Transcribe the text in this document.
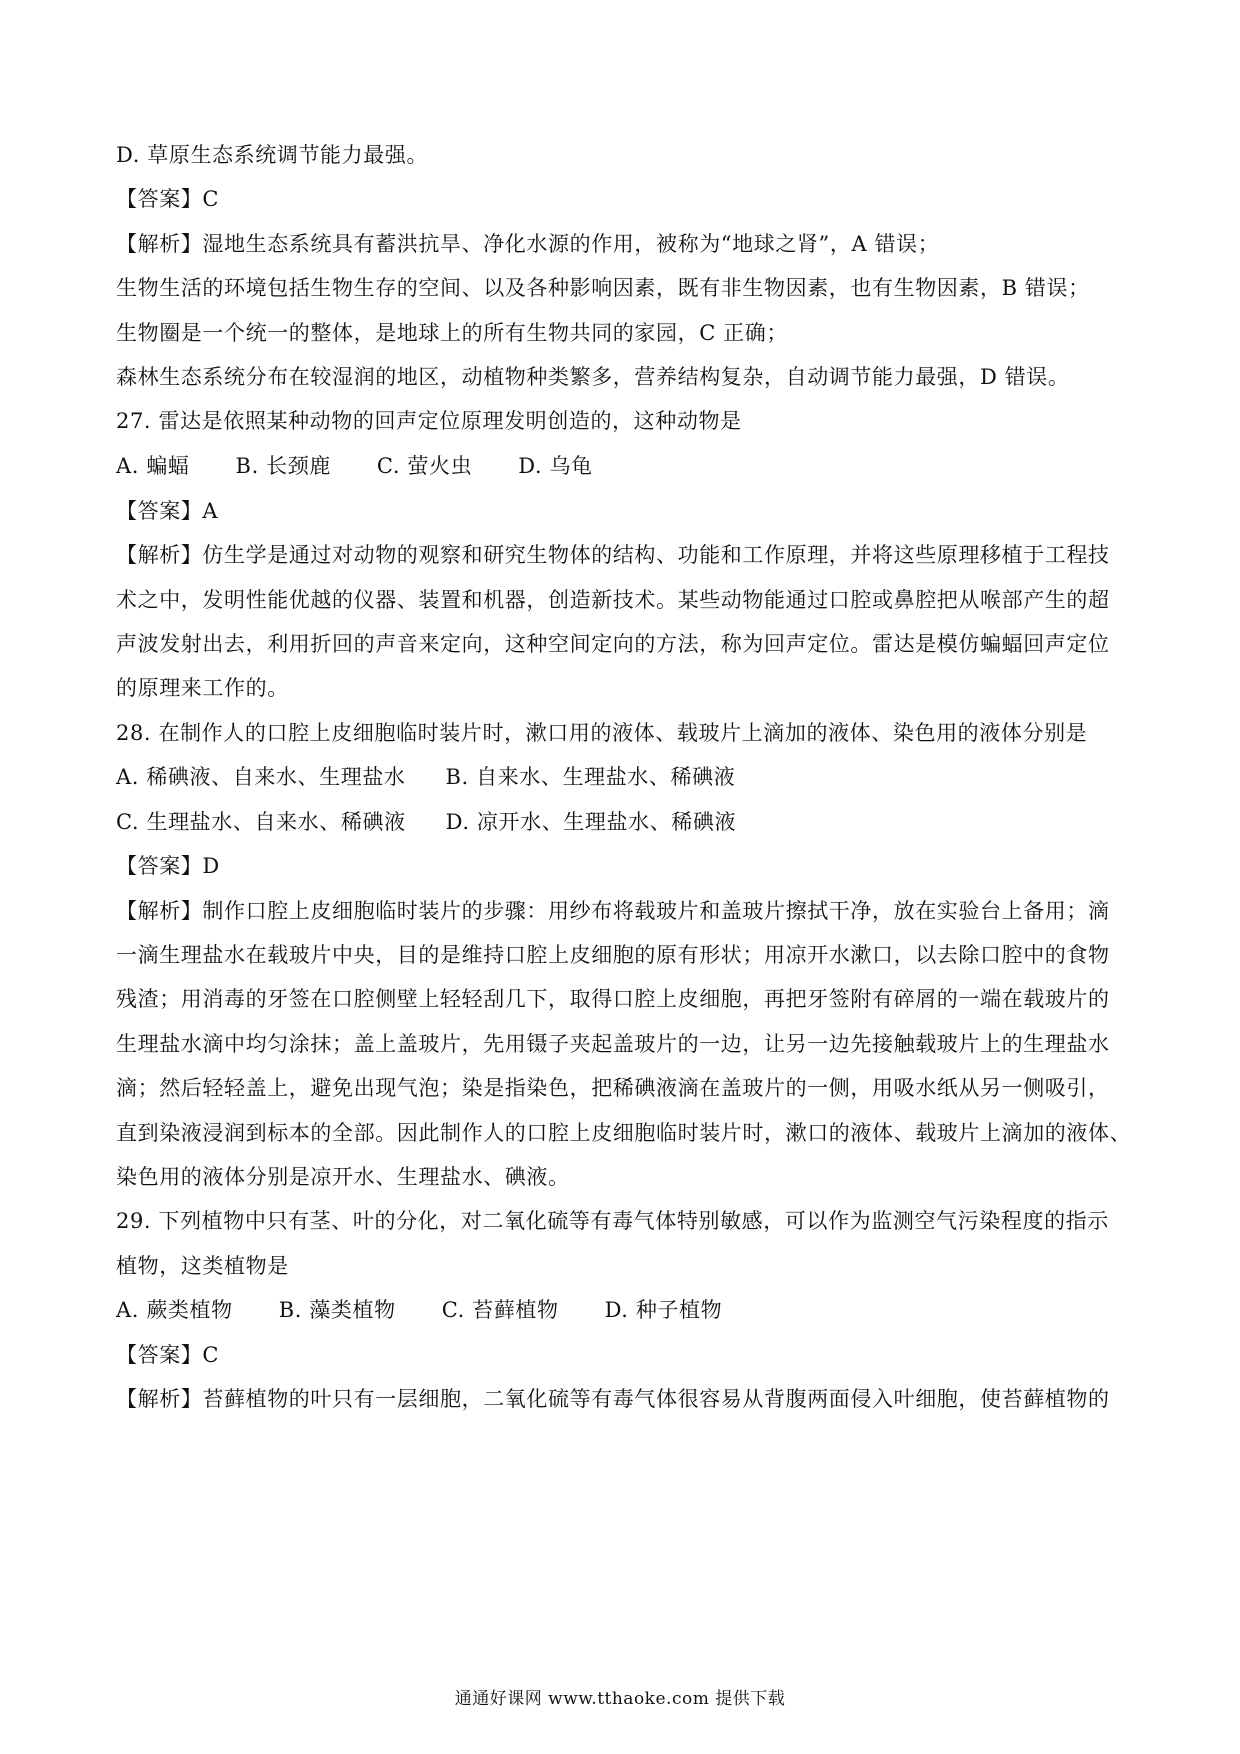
D. 草原生态系统调节能力最强。
【答案】C
【解析】湿地生态系统具有蓄洪抗旱、净化水源的作用，被称为“地球之肾”，A 错误；
生物生活的环境包括生物生存的空间、以及各种影响因素，既有非生物因素，也有生物因素，B 错误；
生物圈是一个统一的整体，是地球上的所有生物共同的家园，C 正确；
森林生态系统分布在较湿润的地区，动植物种类繁多，营养结构复杂，自动调节能力最强，D 错误。
27. 雷达是依照某种动物的回声定位原理发明创造的，这种动物是
A. 蝙蝠 B. 长颈鹿 C. 萤火虫 D. 乌龟
【答案】A
【解析】仿生学是通过对动物的观察和研究生物体的结构、功能和工作原理，并将这些原理移植于工程技
术之中，发明性能优越的仪器、装置和机器，创造新技术。某些动物能通过口腔或鼻腔把从喉部产生的超
声波发射出去，利用折回的声音来定向，这种空间定向的方法，称为回声定位。雷达是模仿蝙蝠回声定位
的原理来工作的。
28. 在制作人的口腔上皮细胞临时装片时，漱口用的液体、载玻片上滴加的液体、染色用的液体分别是
A. 稀碘液、自来水、生理盐水 B. 自来水、生理盐水、稀碘液
C. 生理盐水、自来水、稀碘液 D. 凉开水、生理盐水、稀碘液
【答案】D
【解析】制作口腔上皮细胞临时装片的步骤：用纱布将载玻片和盖玻片擦拭干净，放在实验台上备用；滴
一滴生理盐水在载玻片中央，目的是维持口腔上皮细胞的原有形状；用凉开水漱口，以去除口腔中的食物
残渣；用消毒的牙签在口腔侧壁上轻轻刮几下，取得口腔上皮细胞，再把牙签附有碎屑的一端在载玻片的
生理盐水滴中均匀涂抹；盖上盖玻片，先用镊子夹起盖玻片的一边，让另一边先接触载玻片上的生理盐水
滴；然后轻轻盖上，避免出现气泡；染是指染色，把稀碘液滴在盖玻片的一侧，用吸水纸从另一侧吸引，
直到染液浸润到标本的全部。因此制作人的口腔上皮细胞临时装片时，漱口的液体、载玻片上滴加的液体、
染色用的液体分别是凉开水、生理盐水、碘液。
29. 下列植物中只有茎、叶的分化，对二氧化硫等有毒气体特别敏感，可以作为监测空气污染程度的指示
植物，这类植物是
A. 蕨类植物 B. 藻类植物 C. 苔藓植物 D. 种子植物
【答案】C
【解析】苔藓植物的叶只有一层细胞，二氧化硫等有毒气体很容易从背腹两面侵入叶细胞，使苔藓植物的
通通好课网 www.tthaoke.com 提供下载
